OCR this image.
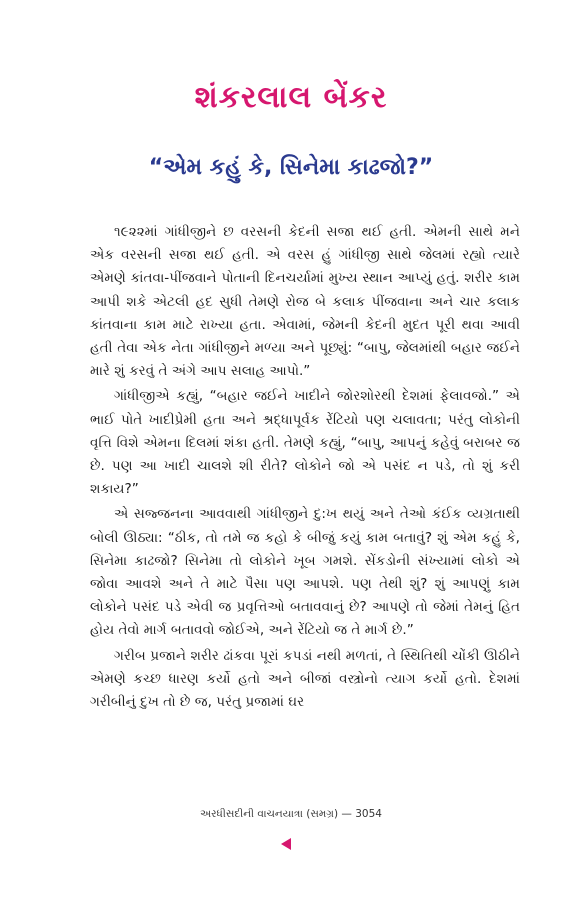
શંકરલાલ બેંકર
“એમ કહું કે, સિનેમા કાઢજો?”

૧૯૨૨માં ગાંધીજીને છ વરસની કેદની સજા થઈ હતી. એમની સાથે મને એક વરસની સજા થઈ હતી. એ વરસ હું ગાંધીજી સાથે જેલમાં રહ્યો ત્યારે એમણે કાંતવા-પીંજવાને પોતાની દિનચર્યામાં મુખ્ય સ્થાન આપ્યું હતું. શરીર કામ આપી શકે એટલી હદ સુધી તેમણે રોજ બે કલાક પીંજવાના અને ચાર કલાક કાંતવાના કામ માટે રાખ્યા હતા. એવામાં, જેમની કેદની મુદત પૂરી થવા આવી હતી તેવા એક નેતા ગાંધીજીને મળ્યા અને પૂછ્યું: “બાપુ, જેલમાંથી બહાર જઈને મારે શું કરવું તે અંગે આપ સલાહ આપો.”

ગાંધીજીએ કહ્યું, “બહાર જઈને ખાદીને જોરશોરથી દેશમાં ફેલાવજો.” એ ભાઈ પોતે ખાદીપ્રેમી હતા અને શ્રદ્ધાપૂર્વક રેંટિયો પણ ચલાવતા; પરંતુ લોકોની વૃત્તિ વિશે એમના દિલમાં શંકા હતી. તેમણે કહ્યું, “બાપુ, આપનું કહેવું બરાબર જ છે. પણ આ ખાદી ચાલશે શી રીતે? લોકોને જો એ પસંદ ન પડે, તો શું કરી શકાય?”

એ સજ્જનના આવવાથી ગાંધીજીને દુ:ખ થયું અને તેઓ કંઈક વ્યગ્રતાથી બોલી ઊઠ્યા: “ઠીક, તો તમે જ કહો કે બીજું કયું કામ બતાવું? શું એમ કહું કે, સિનેમા કાઢજો? સિનેમા તો લોકોને ખૂબ ગમશે. સેંકડોની સંખ્યામાં લોકો એ જોવા આવશે અને તે માટે પૈસા પણ આપશે. પણ તેથી શું? શું આપણું કામ લોકોને પસંદ પડે એવી જ પ્રવૃત્તિઓ બતાવવાનું છે? આપણે તો જેમાં તેમનું હિત હોય તેવો માર્ગ બતાવવો જોઈએ, અને રેંટિયો જ તે માર્ગ છે.”

ગરીબ પ્રજાને શરીર ઢાંકવા પૂરાં કપડાં નથી મળતાં, તે સ્થિતિથી ચોંકી ઊઠીને એમણે કચ્છ ધારણ કર્યો હતો અને બીજાં વસ્ત્રોનો ત્યાગ કર્યો હતો. દેશમાં ગરીબીનું દુખ તો છે જ, પરંતુ પ્રજામાં ઘર

અરધીસદીની વાચનયાત્રા (સમગ્ર) — 3054
